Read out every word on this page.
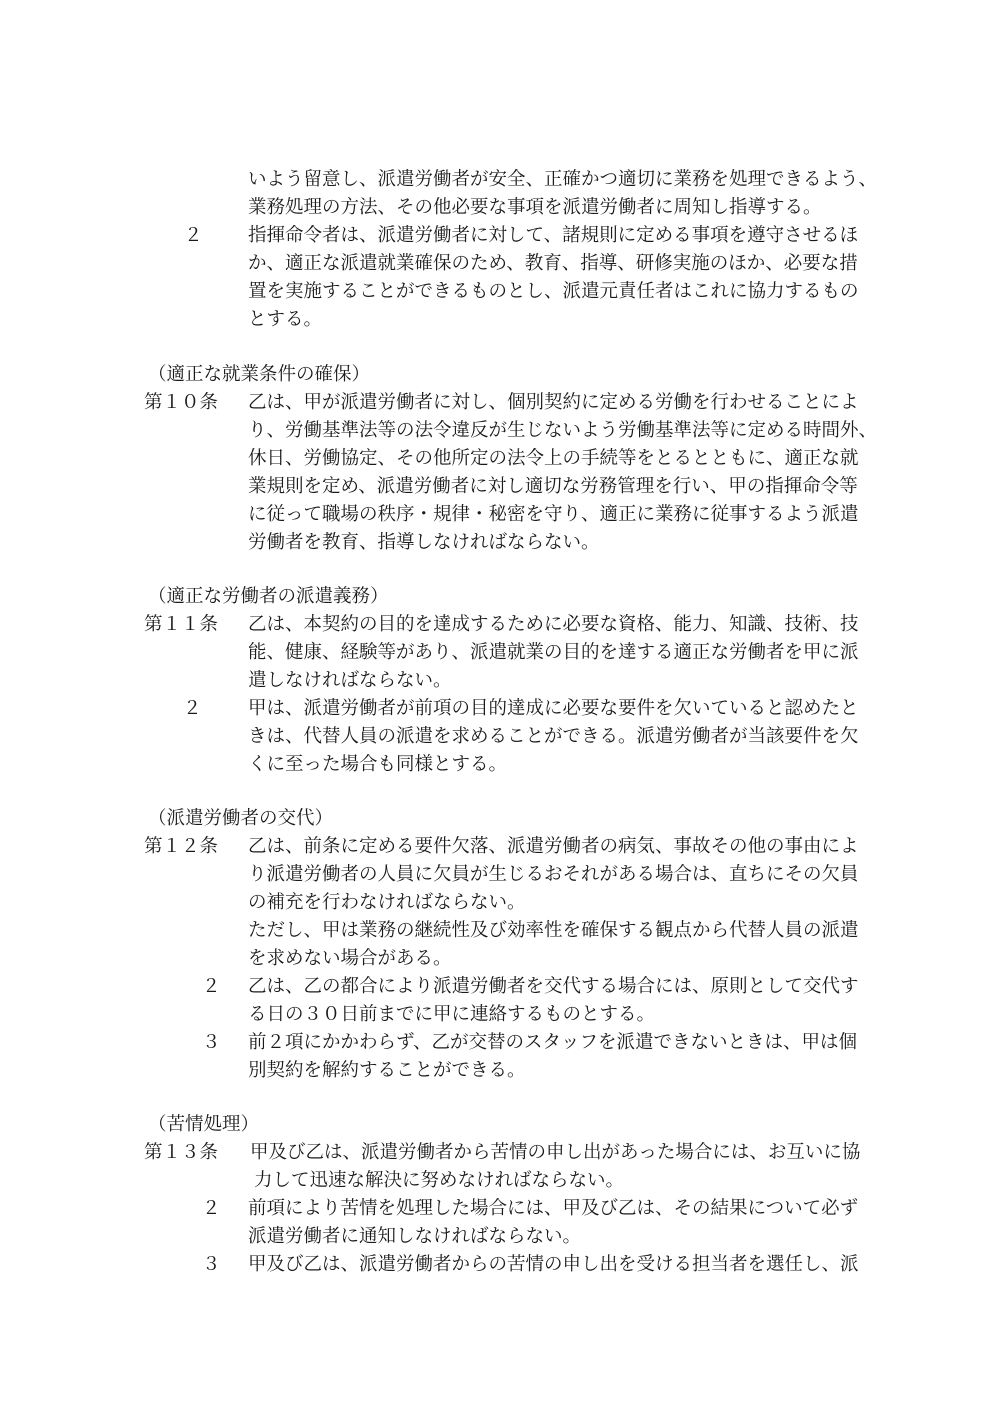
いよう留意し、派遣労働者が安全、正確かつ適切に業務を処理できるよう、
業務処理の方法、その他必要な事項を派遣労働者に周知し指導する。
２ 指揮命令者は、派遣労働者に対して、諸規則に定める事項を遵守させるほ
か、適正な派遣就業確保のため、教育、指導、研修実施のほか、必要な措
置を実施することができるものとし、派遣元責任者はこれに協力するもの
とする。
（適正な就業条件の確保）
第１０条 乙は、甲が派遣労働者に対し、個別契約に定める労働を行わせることによ
り、労働基準法等の法令違反が生じないよう労働基準法等に定める時間外、
休日、労働協定、その他所定の法令上の手続等をとるとともに、適正な就
業規則を定め、派遣労働者に対し適切な労務管理を行い、甲の指揮命令等
に従って職場の秩序・規律・秘密を守り、適正に業務に従事するよう派遣
労働者を教育、指導しなければならない。
（適正な労働者の派遣義務）
第１１条 乙は、本契約の目的を達成するために必要な資格、能力、知識、技術、技
能、健康、経験等があり、派遣就業の目的を達する適正な労働者を甲に派
遣しなければならない。
２	甲は、派遣労働者が前項の目的達成に必要な要件を欠いていると認めたと
きは、代替人員の派遣を求めることができる。派遣労働者が当該要件を欠
くに至った場合も同様とする。
（派遣労働者の交代）
第１２条 乙は、前条に定める要件欠落、派遣労働者の病気、事故その他の事由によ
り派遣労働者の人員に欠員が生じるおそれがある場合は、直ちにその欠員
の補充を行わなければならない。
ただし、甲は業務の継続性及び効率性を確保する観点から代替人員の派遣
を求めない場合がある。
２ 乙は、乙の都合により派遣労働者を交代する場合には、原則として交代す
る日の３０日前までに甲に連絡するものとする。
３ 前２項にかかわらず、乙が交替のスタッフを派遣できないときは、甲は個
別契約を解約することができる。
（苦情処理）
第１３条 甲及び乙は、派遣労働者から苦情の申し出があった場合には、お互いに協
力して迅速な解決に努めなければならない。
２ 前項により苦情を処理した場合には、甲及び乙は、その結果について必ず
派遣労働者に通知しなければならない。
３ 甲及び乙は、派遣労働者からの苦情の申し出を受ける担当者を選任し、派
